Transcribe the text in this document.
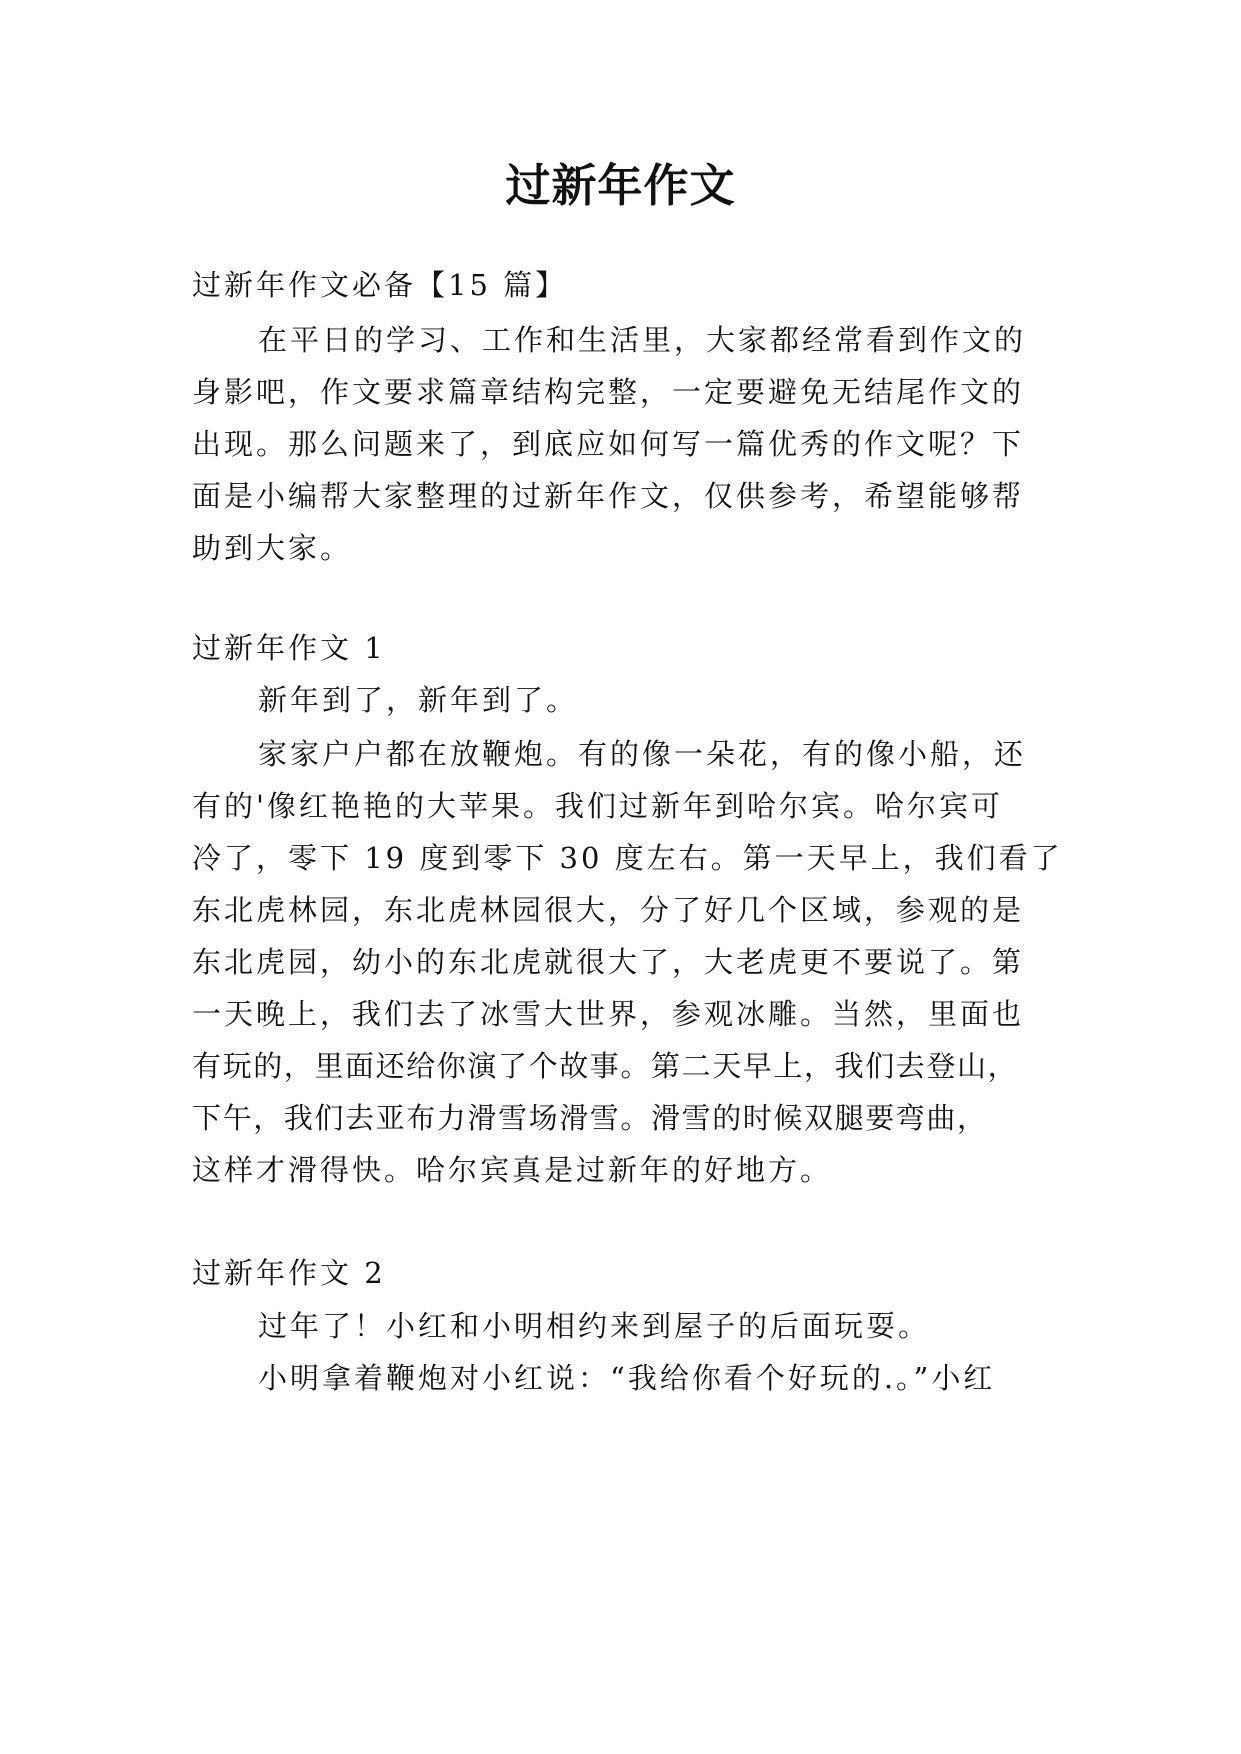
过新年作文
过新年作文必备【15 篇】
在平日的学习、工作和生活里，大家都经常看到作文的
身影吧，作文要求篇章结构完整，一定要避免无结尾作文的
出现。那么问题来了，到底应如何写一篇优秀的作文呢？下
面是小编帮大家整理的过新年作文，仅供参考，希望能够帮
助到大家。
过新年作文 1
新年到了，新年到了。
家家户户都在放鞭炮。有的像一朵花，有的像小船，还
有的'像红艳艳的大苹果。我们过新年到哈尔宾。哈尔宾可
冷了，零下 19 度到零下 30 度左右。第一天早上，我们看了
东北虎林园，东北虎林园很大，分了好几个区域，参观的是
东北虎园，幼小的东北虎就很大了，大老虎更不要说了。第
一天晚上，我们去了冰雪大世界，参观冰雕。当然，里面也
有玩的，里面还给你演了个故事。第二天早上，我们去登山，
下午，我们去亚布力滑雪场滑雪。滑雪的时候双腿要弯曲，
这样才滑得快。哈尔宾真是过新年的好地方。
过新年作文 2
过年了！小红和小明相约来到屋子的后面玩耍。
小明拿着鞭炮对小红说：“我给你看个好玩的.。”小红
